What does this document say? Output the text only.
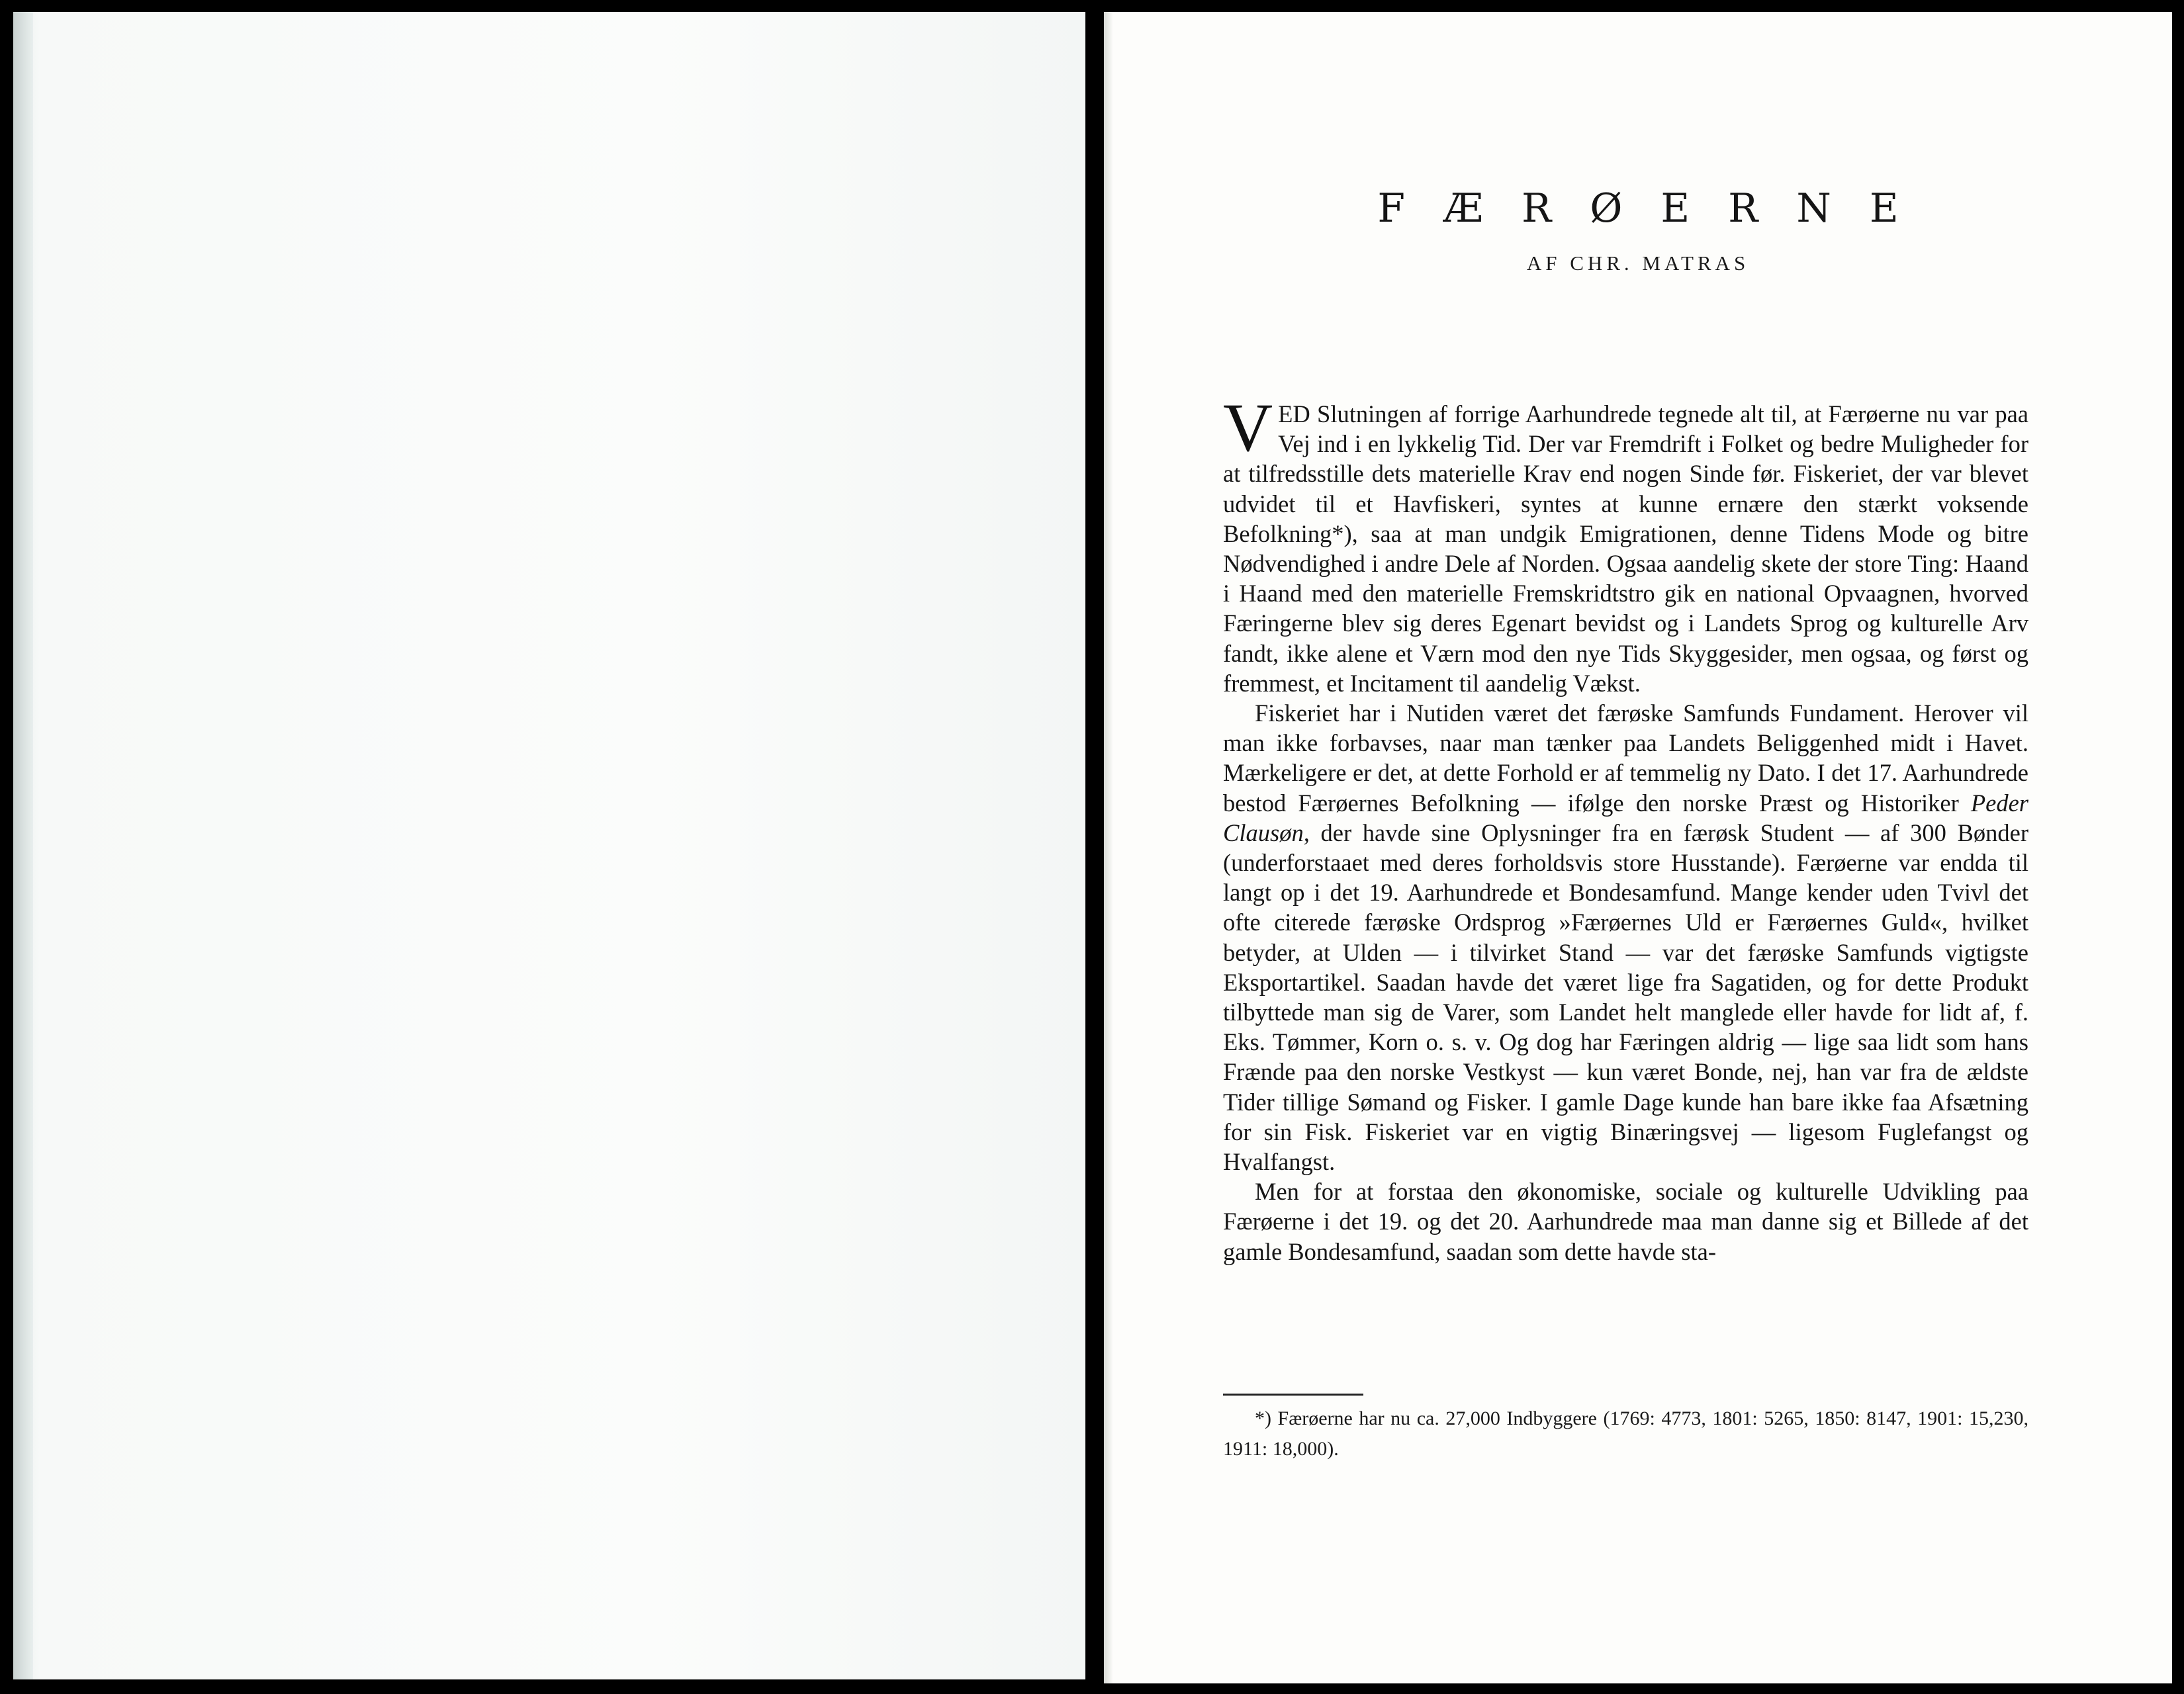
FÆRØERNE

AF CHR. MATRAS

VED Slutningen af forrige Aarhundrede tegnede alt til, at Færøerne nu var paa Vej ind i en lykkelig Tid. Der var Fremdrift i Folket og bedre Muligheder for at tilfredsstille dets materielle Krav end nogen Sinde før. Fiskeriet, der var blevet udvidet til et Havfiskeri, syntes at kunne ernære den stærkt voksende Befolkning*), saa at man undgik Emigrationen, denne Tidens Mode og bitre Nødvendighed i andre Dele af Norden. Ogsaa aandelig skete der store Ting: Haand i Haand med den materielle Fremskridtstro gik en national Opvaagnen, hvorved Færingerne blev sig deres Egenart bevidst og i Landets Sprog og kulturelle Arv fandt, ikke alene et Værn mod den nye Tids Skyggesider, men ogsaa, og først og fremmest, et Incitament til aandelig Vækst.

Fiskeriet har i Nutiden været det færøske Samfunds Fundament. Herover vil man ikke forbavses, naar man tænker paa Landets Beliggenhed midt i Havet. Mærkeligere er det, at dette Forhold er af temmelig ny Dato. I det 17. Aarhundrede bestod Færøernes Befolkning — ifølge den norske Præst og Historiker Peder Clausøn, der havde sine Oplysninger fra en færøsk Student — af 300 Bønder (underforstaaet med deres forholdsvis store Husstande). Færøerne var endda til langt op i det 19. Aarhundrede et Bondesamfund. Mange kender uden Tvivl det ofte citerede færøske Ordsprog »Færøernes Uld er Færøernes Guld«, hvilket betyder, at Ulden — i tilvirket Stand — var det færøske Samfunds vigtigste Eksportartikel. Saadan havde det været lige fra Sagatiden, og for dette Produkt tilbyttede man sig de Varer, som Landet helt manglede eller havde for lidt af, f. Eks. Tømmer, Korn o. s. v. Og dog har Færingen aldrig — lige saa lidt som hans Frænde paa den norske Vestkyst — kun været Bonde, nej, han var fra de ældste Tider tillige Sømand og Fisker. I gamle Dage kunde han bare ikke faa Afsætning for sin Fisk. Fiskeriet var en vigtig Binæringsvej — ligesom Fuglefangst og Hvalfangst.

Men for at forstaa den økonomiske, sociale og kulturelle Udvikling paa Færøerne i det 19. og det 20. Aarhundrede maa man danne sig et Billede af det gamle Bondesamfund, saadan som dette havde sta-

*) Færøerne har nu ca. 27,000 Indbyggere (1769: 4773, 1801: 5265, 1850: 8147, 1901: 15,230, 1911: 18,000).
